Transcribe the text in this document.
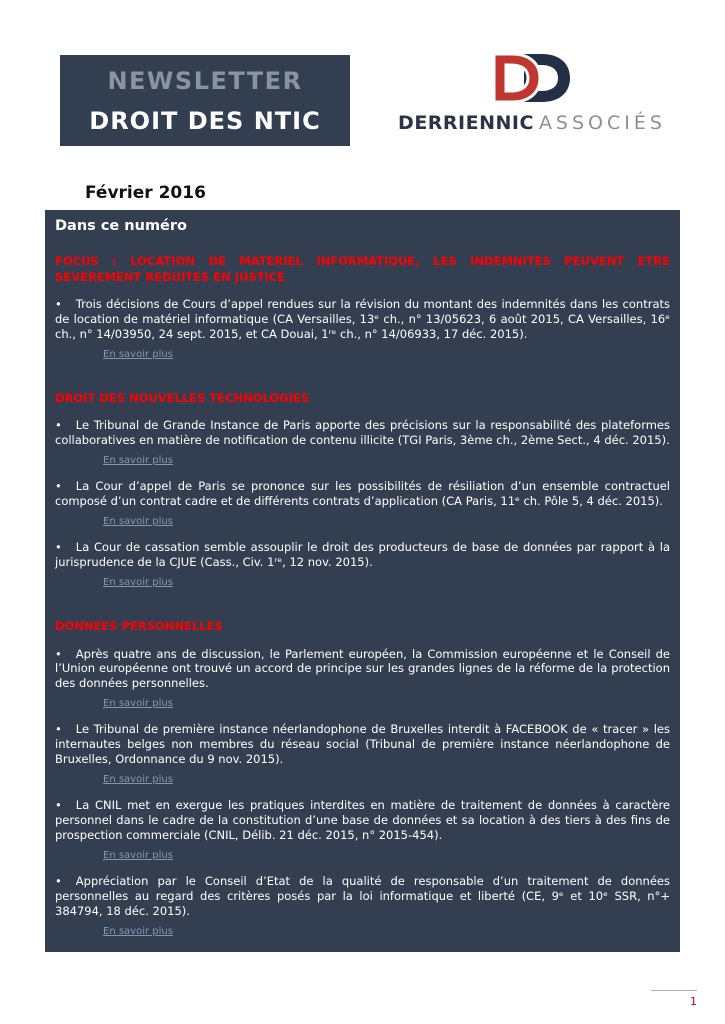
NEWSLETTER
DROIT DES NTIC	DERRIENNIC ASSOCIÉS
Février 2016
Dans ce numéro
FOCUS : LOCATION DE MATERIEL INFORMATIQUE, LES INDEMNITES PEUVENT ETRE SEVEREMENT REDUITES EN JUSTICE

• Trois décisions de Cours d’appel rendues sur la révision du montant des indemnités dans les contrats de location de matériel informatique (CA Versailles, 13ᵉ ch., n° 13/05623, 6 août 2015, CA Versailles, 16ᵉ ch., n° 14/03950, 24 sept. 2015, et CA Douai, 1ʳᵉ ch., n° 14/06933, 17 déc. 2015).

En savoir plus
DROIT DES NOUVELLES TECHNOLOGIES

• Le Tribunal de Grande Instance de Paris apporte des précisions sur la responsabilité des plateformes collaboratives en matière de notification de contenu illicite (TGI Paris, 3ème ch., 2ème Sect., 4 déc. 2015).

En savoir plus

• La Cour d’appel de Paris se prononce sur les possibilités de résiliation d’un ensemble contractuel composé d’un contrat cadre et de différents contrats d’application (CA Paris, 11ᵉ ch. Pôle 5, 4 déc. 2015).

En savoir plus

• La Cour de cassation semble assouplir le droit des producteurs de base de données par rapport à la jurisprudence de la CJUE (Cass., Civ. 1ʳᵉ, 12 nov. 2015).

En savoir plus
DONNEES PERSONNELLES

• Après quatre ans de discussion, le Parlement européen, la Commission européenne et le Conseil de l’Union européenne ont trouvé un accord de principe sur les grandes lignes de la réforme de la protection des données personnelles.

En savoir plus

• Le Tribunal de première instance néerlandophone de Bruxelles interdit à FACEBOOK de « tracer » les internautes belges non membres du réseau social (Tribunal de première instance néerlandophone de Bruxelles, Ordonnance du 9 nov. 2015).

En savoir plus

• La CNIL met en exergue les pratiques interdites en matière de traitement de données à caractère personnel dans le cadre de la constitution d’une base de données et sa location à des tiers à des fins de prospection commerciale (CNIL, Délib. 21 déc. 2015, n° 2015-454).

En savoir plus

• Appréciation par le Conseil d’Etat de la qualité de responsable d’un traitement de données personnelles au regard des critères posés par la loi informatique et liberté (CE, 9ᵉ et 10ᵉ SSR, n°+ 384794, 18 déc. 2015).

En savoir plus
1
